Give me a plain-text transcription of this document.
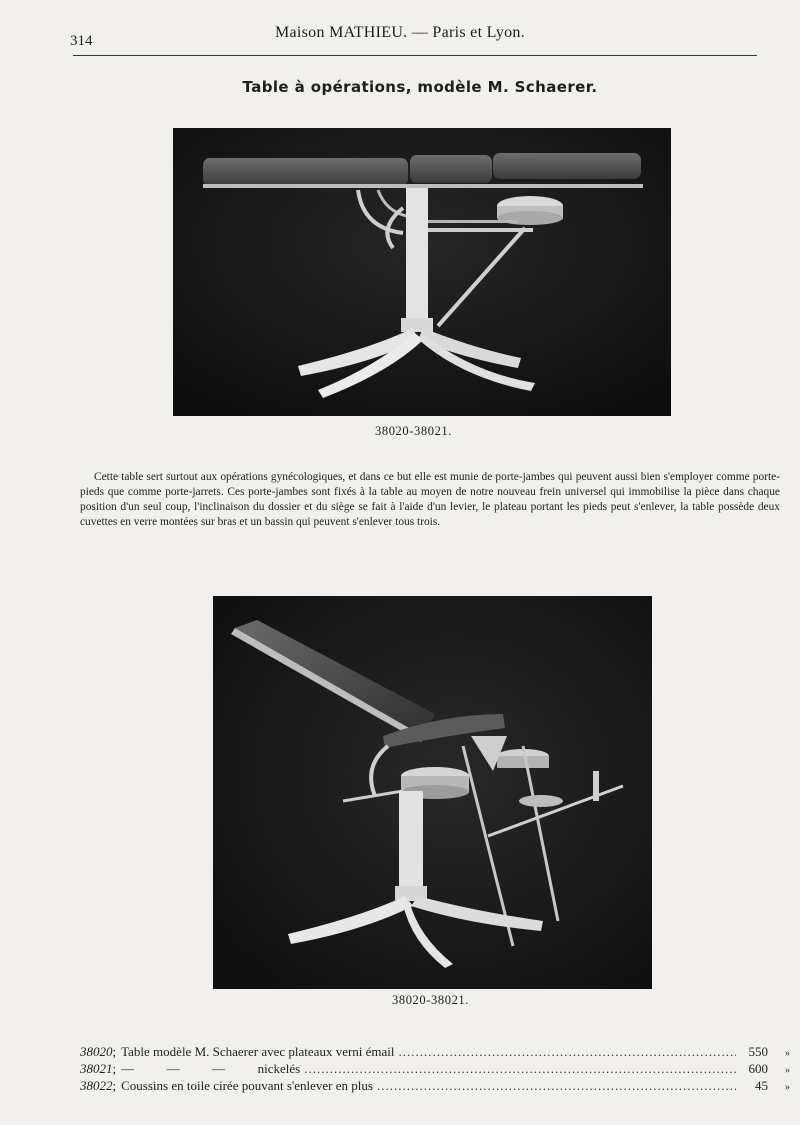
314	Maison MATHIEU. — Paris et Lyon.
Table à opérations, modèle M. Schaerer.
38020-38021.
Cette table sert surtout aux opérations gynécologiques, et dans ce but elle est munie de porte-jambes qui peuvent aussi bien s'employer comme porte-pieds que comme porte-jarrets. Ces porte-jambes sont fixés à la table au moyen de notre nouveau frein universel qui immobilise la pièce dans chaque position d'un seul coup, l'inclinaison du dossier et du siège se fait à l'aide d'un levier, le plateau portant les pieds peut s'enlever, la table possède deux cuvettes en verre montées sur bras et un bassin qui peuvent s'enlever tous trois.
38020-38021.
38020 ; Table modèle M. Schaerer avec plateaux verni émail .....	550	»
38021 ; —          —          —          nickelés .....	600	»
38022 ; Coussins en toile cirée pouvant s'enlever en plus .....	45	»
